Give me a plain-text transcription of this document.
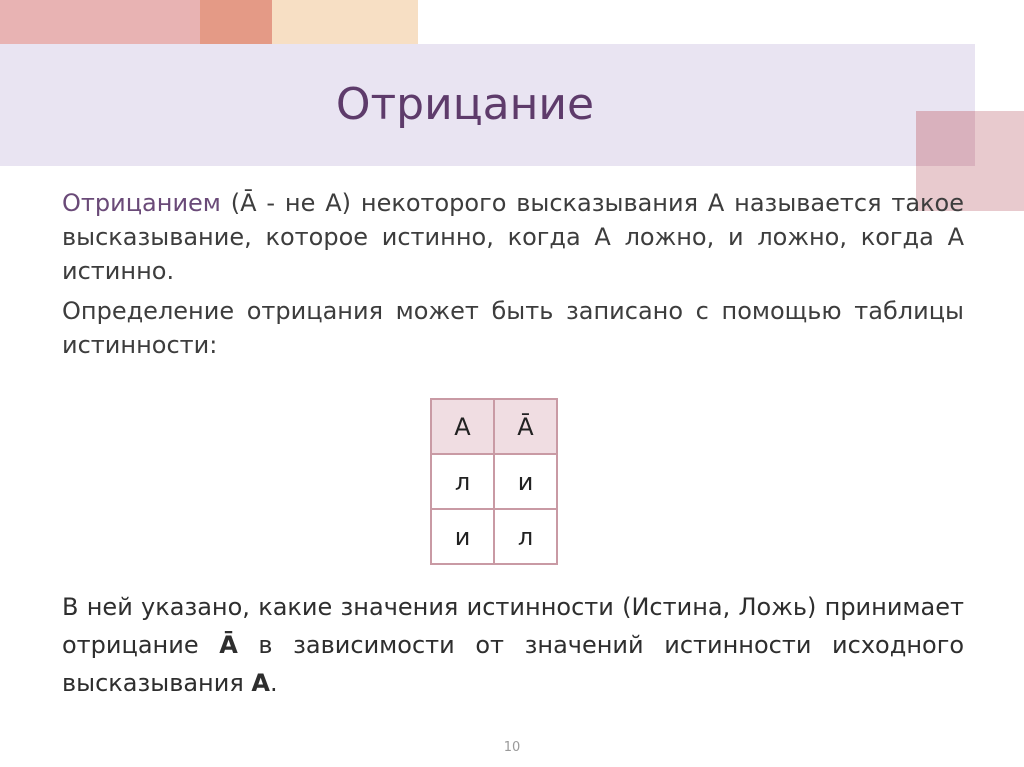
Отрицание

Отрицанием (Ā - не А) некоторого высказывания А называется такое высказывание, которое истинно, когда А ложно, и ложно, когда А истинно.

Определение отрицания может быть записано с помощью таблицы истинности:

А	Ā
л	и
и	л
В ней указано, какие значения истинности (Истина, Ложь) принимает отрицание Ā в зависимости от значений истинности исходного высказывания А.
10
